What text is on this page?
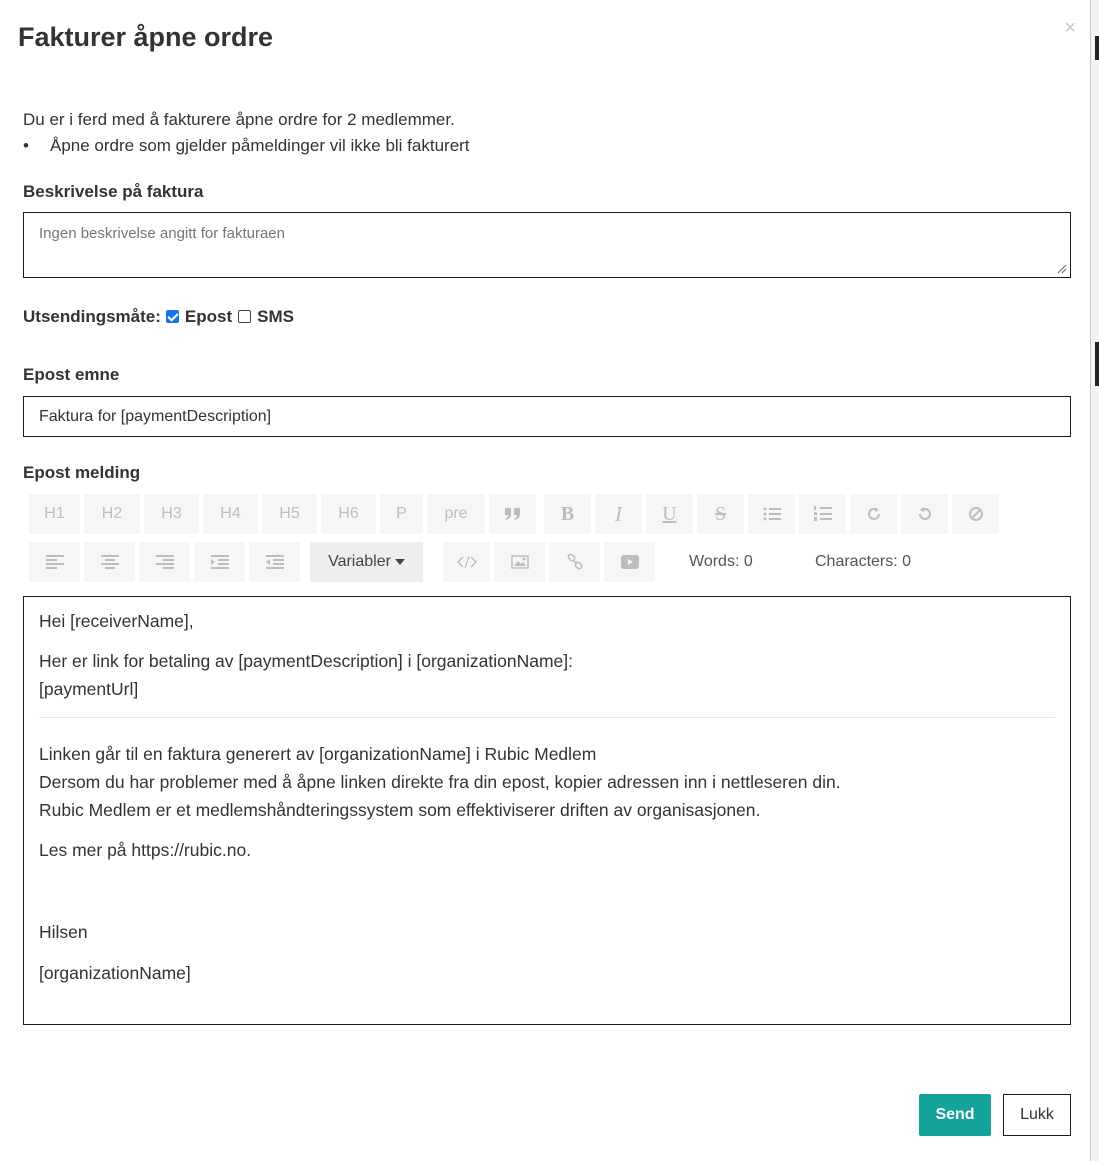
Fakturer åpne ordre	×
Du er i ferd med å fakturere åpne ordre for 2 medlemmer.
•	Åpne ordre som gjelder påmeldinger vil ikke bli fakturert
Beskrivelse på faktura
Ingen beskrivelse angitt for fakturaen
Utsendingsmåte: Epost SMS
Epost emne
Faktura for [paymentDescription]
Epost melding
H1	H2	H3	H4	H5	H6	P	pre	B	I	U	S
Variabler	Words: 0	Characters: 0

Hei [receiverName],

Her er link for betaling av [paymentDescription] i [organizationName]:

[paymentUrl]

Linken går til en faktura generert av [organizationName] i Rubic Medlem

Dersom du har problemer med å åpne linken direkte fra din epost, kopier adressen inn i nettleseren din.

Rubic Medlem er et medlemshåndteringssystem som effektiviserer driften av organisasjonen.

Les mer på https://rubic.no.

Hilsen

[organizationName]

Send	Lukk
